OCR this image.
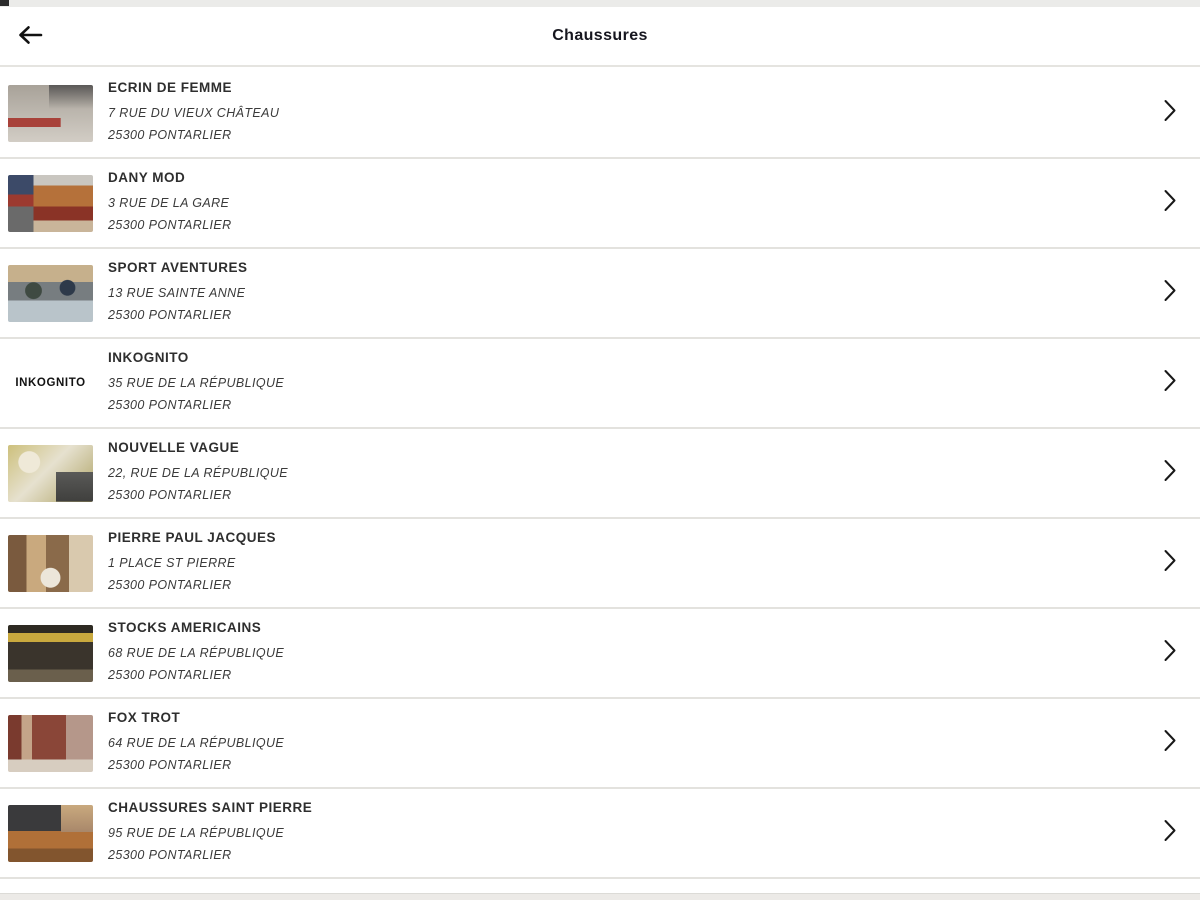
Chaussures
ECRIN DE FEMME
7 RUE DU VIEUX CHÂTEAU
25300 PONTARLIER
DANY MOD
3 RUE DE LA GARE
25300 PONTARLIER
SPORT AVENTURES
13 RUE SAINTE ANNE
25300 PONTARLIER
INKOGNITO
INKOGNITO
35 RUE DE LA RÉPUBLIQUE
25300 PONTARLIER
NOUVELLE VAGUE
22, RUE DE LA RÉPUBLIQUE
25300 PONTARLIER
PIERRE PAUL JACQUES
1 PLACE ST PIERRE
25300 PONTARLIER
STOCKS AMERICAINS
68 RUE DE LA RÉPUBLIQUE
25300 PONTARLIER
FOX TROT
64 RUE DE LA RÉPUBLIQUE
25300 PONTARLIER
CHAUSSURES SAINT PIERRE
95 RUE DE LA RÉPUBLIQUE
25300 PONTARLIER
